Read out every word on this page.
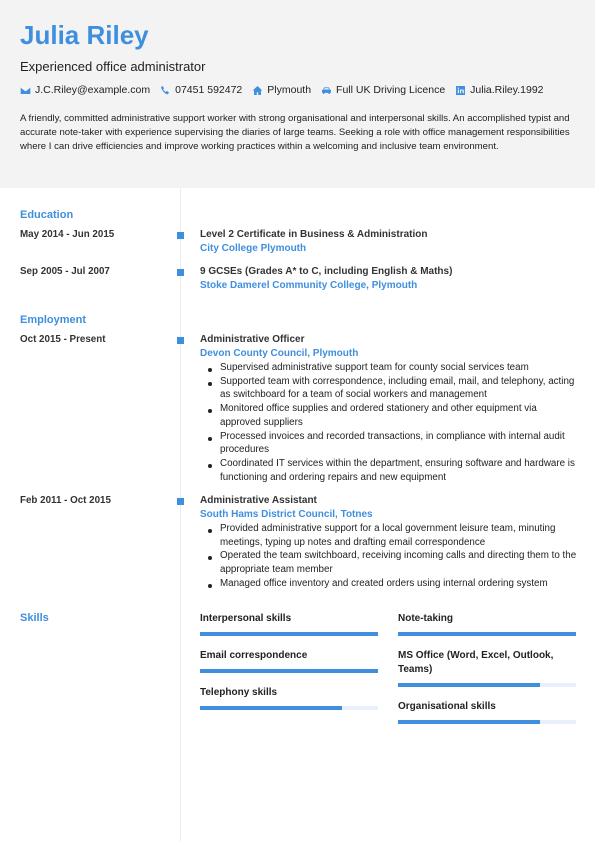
Julia Riley
Experienced office administrator
J.C.Riley@example.com 07451 592472 Plymouth Full UK Driving Licence Julia.Riley.1992
A friendly, committed administrative support worker with strong organisational and interpersonal skills. An accomplished typist and accurate note-taker with experience supervising the diaries of large teams. Seeking a role with office management responsibilities where I can drive efficiencies and improve working practices within a welcoming and inclusive team environment.
Education
May 2014 - Jun 2015	Level 2 Certificate in Business & Administration
City College Plymouth
Sep 2005 - Jul 2007	9 GCSEs (Grades A* to C, including English & Maths)
Stoke Damerel Community College, Plymouth
Employment
Oct 2015 - Present	Administrative Officer
Devon County Council, Plymouth
Supervised administrative support team for county social services team
Supported team with correspondence, including email, mail, and telephony, acting as switchboard for a team of social workers and management
Monitored office supplies and ordered stationery and other equipment via approved suppliers
Processed invoices and recorded transactions, in compliance with internal audit procedures
Coordinated IT services within the department, ensuring software and hardware is functioning and ordering repairs and new equipment
Feb 2011 - Oct 2015	Administrative Assistant
South Hams District Council, Totnes
Provided administrative support for a local government leisure team, minuting meetings, typing up notes and drafting email correspondence
Operated the team switchboard, receiving incoming calls and directing them to the appropriate team member
Managed office inventory and created orders using internal ordering system
Skills	Interpersonal skills	Note-taking
Email correspondence	MS Office (Word, Excel, Outlook, Teams)
Telephony skills
Organisational skills
